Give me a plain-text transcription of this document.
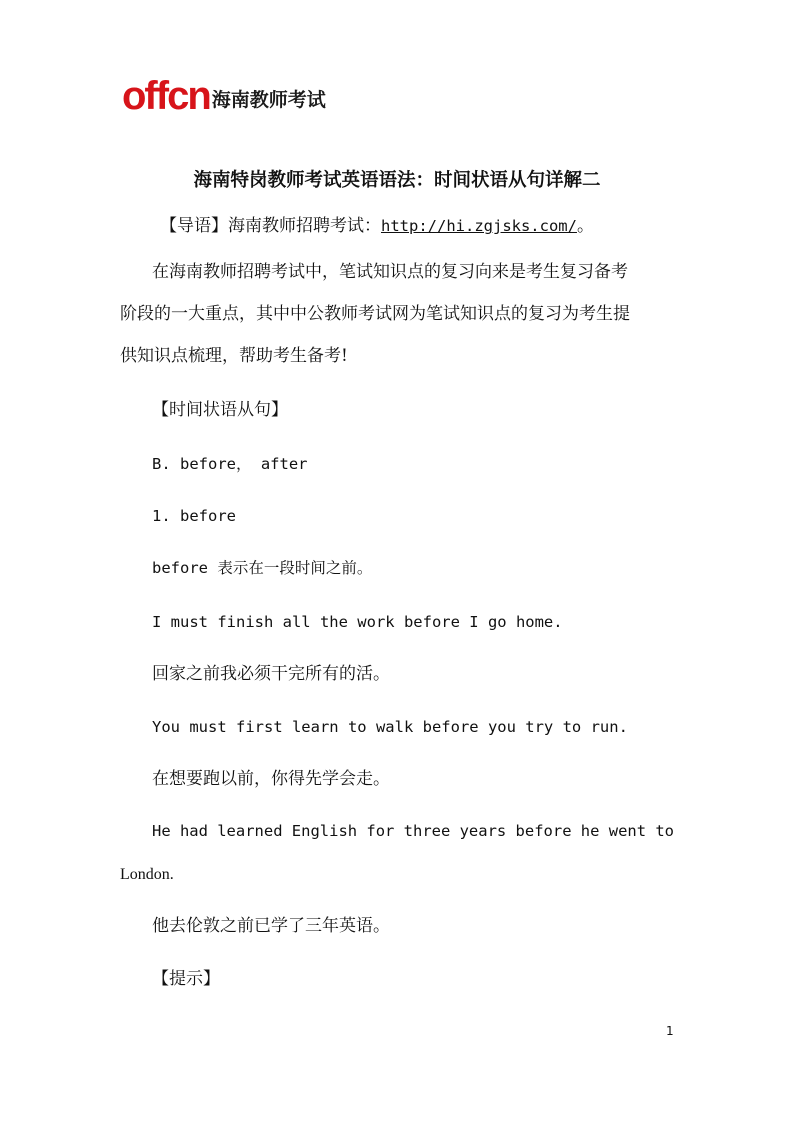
offcn 海南教师考试
海南特岗教师考试英语语法：时间状语从句详解二
【导语】海南教师招聘考试：http://hi.zgjsks.com/。
在海南教师招聘考试中，笔试知识点的复习向来是考生复习备考
阶段的一大重点，其中中公教师考试网为笔试知识点的复习为考生提
供知识点梳理，帮助考生备考!
【时间状语从句】
B. before， after
1. before
before 表示在一段时间之前。
I must finish all the work before I go home.
回家之前我必须干完所有的活。
You must first learn to walk before you try to run.
在想要跑以前，你得先学会走。
He had learned English for three years before he went to
London.
他去伦敦之前已学了三年英语。
【提示】
1
